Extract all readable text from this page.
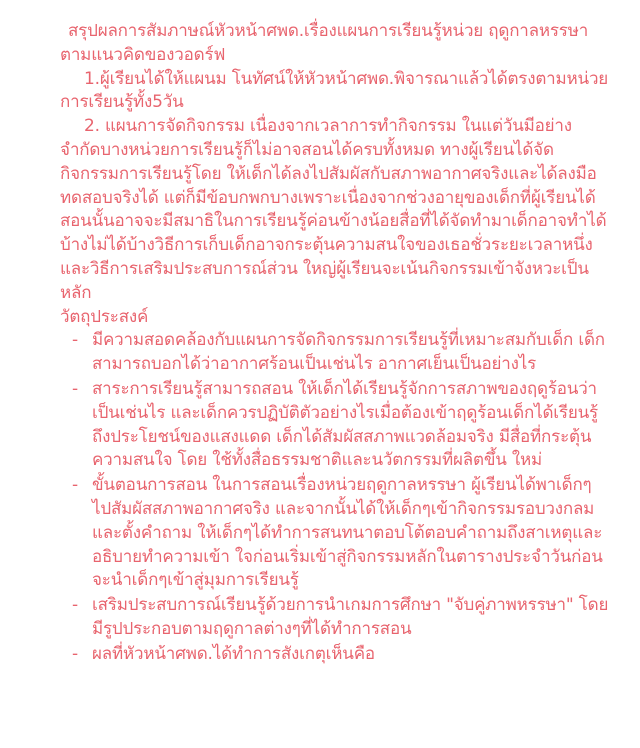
สรุปผลการสัมภาษณ์หัวหน้าศพด.เรื่องแผนการเรียนรู้หน่วย ฤดูกาลหรรษา ตามแนวคิดของวอดร์ฟ

1.ผู้เรียนได้ให้แผนม โนทัศน์ให้หัวหน้าศพด.พิจารณาแล้วได้ตรงตามหน่วยการเรียนรู้ทั้ง5วัน

2. แผนการจัดกิจกรรม เนื่องจากเวลาการทำกิจกรรม ในแต่วันมีอย่างจำกัดบางหน่วยการเรียนรู้ก็ไม่อาจสอนได้ครบทั้งหมด ทางผู้เรียนได้จัดกิจกรรมการเรียนรู้โดย ให้เด็กได้ลงไปสัมผัสกับสภาพอากาศจริงและได้ลงมือทดสอบจริงได้ แต่ก็มีข้อบกพกบางเพราะเนื่องจากช่วงอายุของเด็กที่ผู้เรียนได้สอนนั้นอาจจะมีสมาธิในการเรียนรู้ค่อนข้างน้อยสื่อที่ได้จัดทำมาเด็กอาจทำได้บ้างไม่ได้บ้างวิธีการเก็บเด็กอาจกระตุ้นความสนใจของเธอชั่วระยะเวลาหนึ่ง และวิธีการเสริมประสบการณ์ส่วน ใหญ่ผู้เรียนจะเน้นกิจกรรมเข้าจังหวะเป็นหลัก

วัตถุประสงค์

- มีความสอดคล้องกับแผนการจัดกิจกรรมการเรียนรู้ที่เหมาะสมกับเด็ก เด็กสามารถบอกได้ว่าอากาศร้อนเป็นเช่นไร อากาศเย็นเป็นอย่างไร
- สาระการเรียนรู้สามารถสอน ให้เด็กได้เรียนรู้จักการสภาพของฤดูร้อนว่าเป็นเช่นไร และเด็กควรปฏิบัติตัวอย่างไรเมื่อต้องเข้าฤดูร้อนเด็กได้เรียนรู้ถึงประโยชน์ของแสงแดด เด็กได้สัมผัสสภาพแวดล้อมจริง มีสื่อที่กระตุ้นความสนใจ โดย ใช้ทั้งสื่อธรรมชาติและนวัตกรรมที่ผลิตขึ้น ใหม่
- ขั้นตอนการสอน ในการสอนเรื่องหน่วยฤดูกาลหรรษา ผู้เรียนได้พาเด็กๆไปสัมผัสสภาพอากาศจริง และจากนั้นได้ให้เด็กๆเข้ากิจกรรมรอบวงกลมและตั้งคำถาม ให้เด็กๆได้ทำการสนทนาตอบโต้ตอบคำถามถึงสาเหตุและอธิบายทำความเข้า ใจก่อนเริ่มเข้าสู่กิจกรรมหลักในตารางประจำวันก่อนจะนำเด็กๆเข้าสู่มุมการเรียนรู้
- เสริมประสบการณ์เรียนรู้ด้วยการนำเกมการศึกษา "จับคู่ภาพหรรษา" โดยมีรูปประกอบตามฤดูกาลต่างๆที่ได้ทำการสอน
- ผลที่หัวหน้าศพด.ได้ทำการสังเกตุเห็นคือ
